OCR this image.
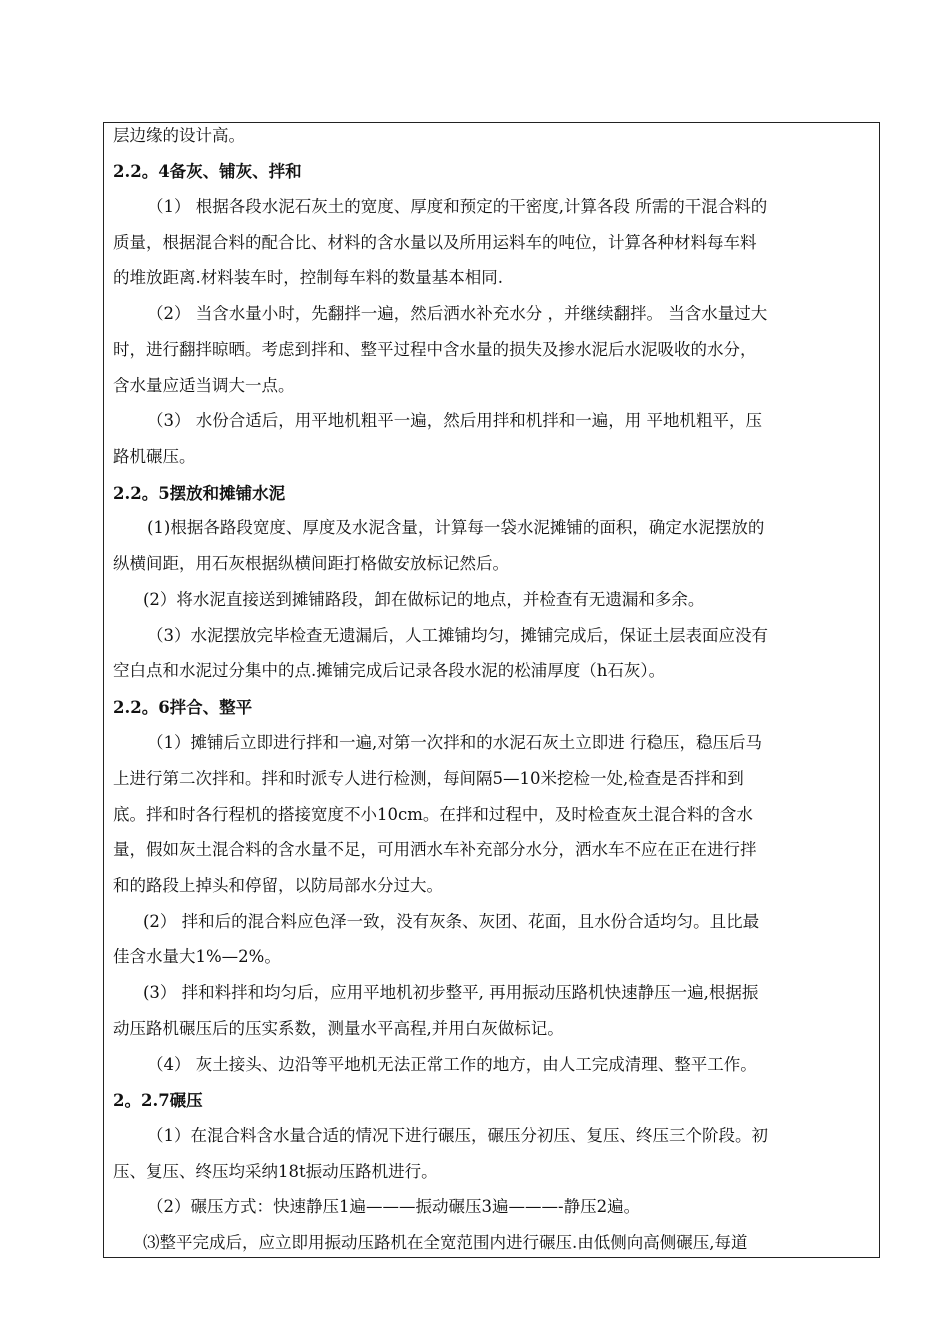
层边缘的设计高。
2.2。4备灰、铺灰、拌和
（1） 根据各段水泥石灰土的宽度、厚度和预定的干密度,计算各段 所需的干混合料的
质量，根据混合料的配合比、材料的含水量以及所用运料车的吨位，计算各种材料每车料
的堆放距离.材料装车时，控制每车料的数量基本相同.
（2） 当含水量小时，先翻拌一遍，然后洒水补充水分 ，并继续翻拌。 当含水量过大
时，进行翻拌晾晒。考虑到拌和、整平过程中含水量的损失及掺水泥后水泥吸收的水分，
含水量应适当调大一点。
（3） 水份合适后，用平地机粗平一遍，然后用拌和机拌和一遍，用 平地机粗平，压
路机碾压。
2.2。5摆放和摊铺水泥
(1)根据各路段宽度、厚度及水泥含量，计算每一袋水泥摊铺的面积，确定水泥摆放的
纵横间距，用石灰根据纵横间距打格做安放标记然后。
(2）将水泥直接送到摊铺路段，卸在做标记的地点，并检查有无遗漏和多余。
（3）水泥摆放完毕检查无遗漏后，人工摊铺均匀，摊铺完成后，保证土层表面应没有
空白点和水泥过分集中的点.摊铺完成后记录各段水泥的松浦厚度（h石灰）。
2.2。6拌合、整平
（1）摊铺后立即进行拌和一遍,对第一次拌和的水泥石灰土立即进 行稳压，稳压后马
上进行第二次拌和。拌和时派专人进行检测，每间隔5—10米挖检一处,检查是否拌和到
底。拌和时各行程机的搭接宽度不小10cm。在拌和过程中，及时检查灰土混合料的含水
量，假如灰土混合料的含水量不足，可用洒水车补充部分水分，洒水车不应在正在进行拌
和的路段上掉头和停留，以防局部水分过大。
(2） 拌和后的混合料应色泽一致，没有灰条、灰团、花面，且水份合适均匀。且比最
佳含水量大1%—2%。
(3） 拌和料拌和均匀后，应用平地机初步整平, 再用振动压路机快速静压一遍,根据振
动压路机碾压后的压实系数，测量水平高程,并用白灰做标记。
（4） 灰土接头、边沿等平地机无法正常工作的地方，由人工完成清理、整平工作。
2。2.7碾压
（1）在混合料含水量合适的情况下进行碾压，碾压分初压、复压、终压三个阶段。初
压、复压、终压均采纳18t振动压路机进行。
（2）碾压方式：快速静压1遍———振动碾压3遍———-静压2遍。
⑶整平完成后，应立即用振动压路机在全宽范围内进行碾压.由低侧向高侧碾压,每道
